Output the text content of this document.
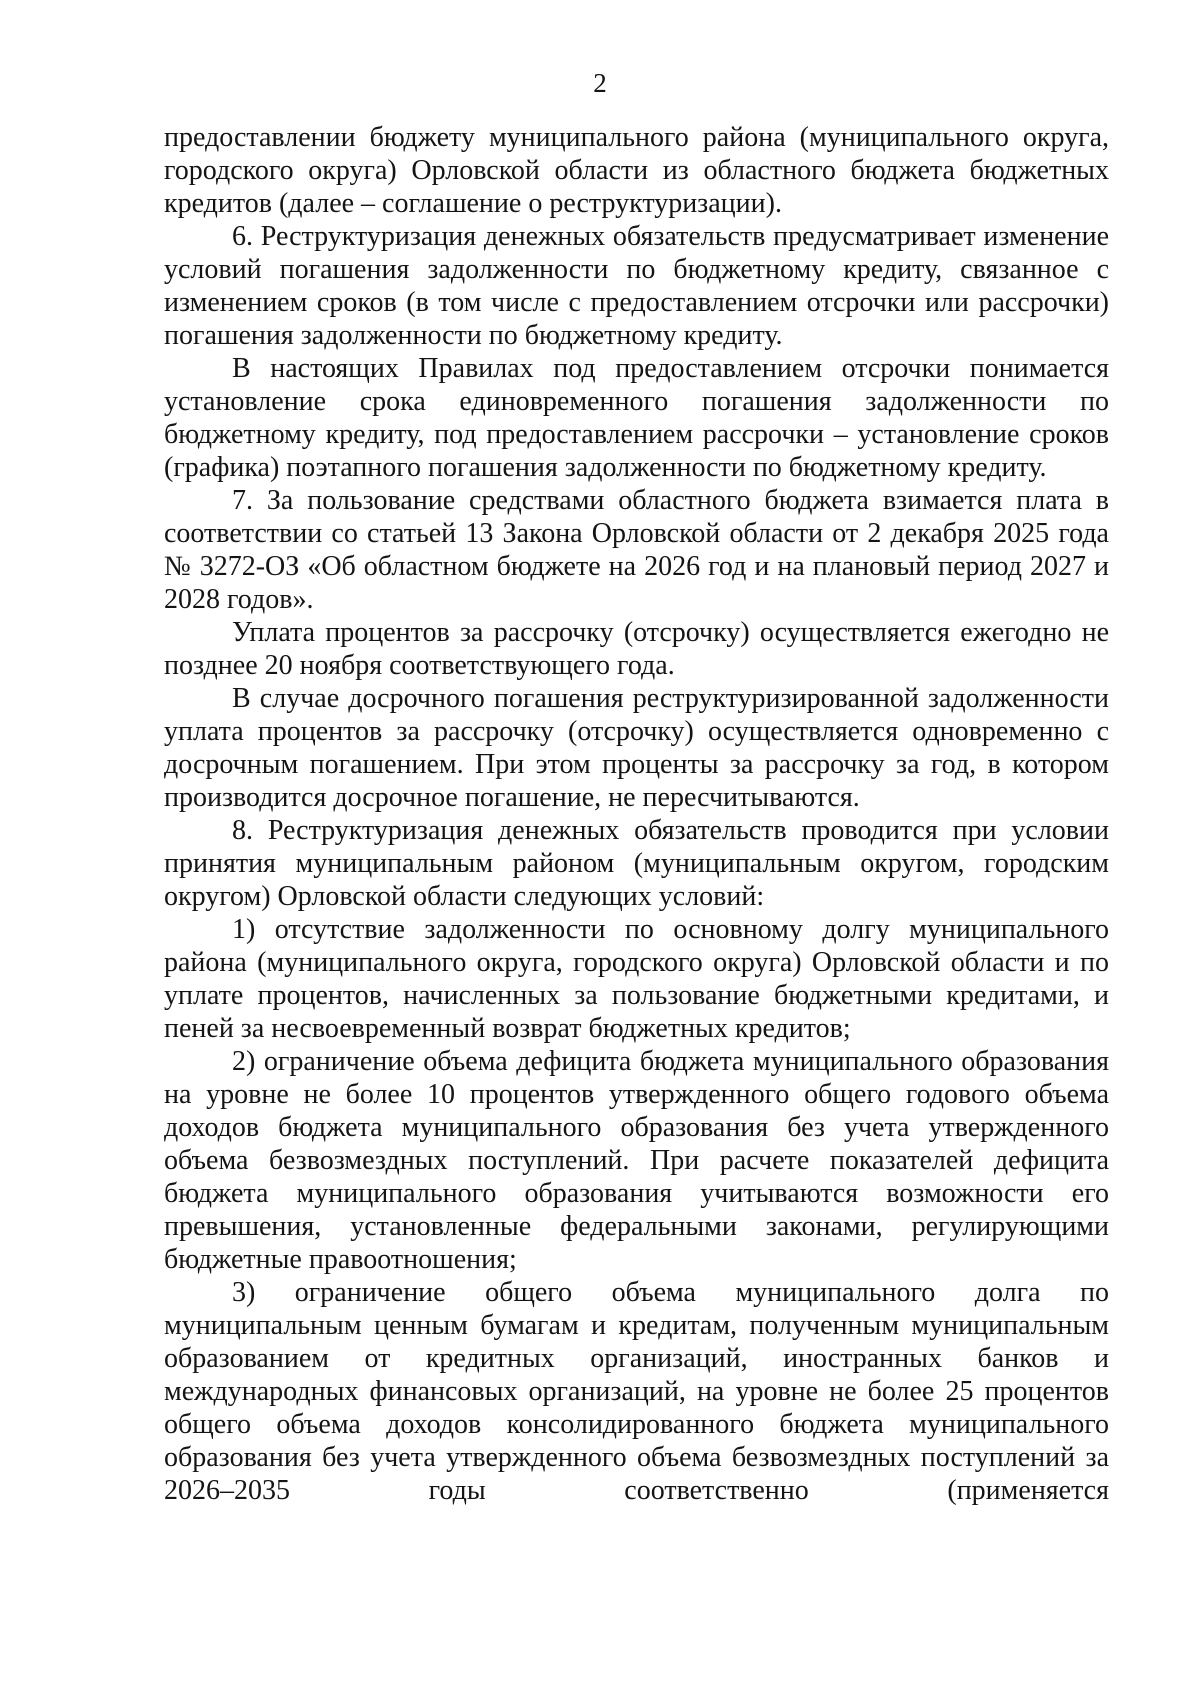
2

предоставлении бюджету муниципального района (муниципального округа, городского округа) Орловской области из областного бюджета бюджетных кредитов (далее – соглашение о реструктуризации).

6. Реструктуризация денежных обязательств предусматривает изменение условий погашения задолженности по бюджетному кредиту, связанное с изменением сроков (в том числе с предоставлением отсрочки или рассрочки) погашения задолженности по бюджетному кредиту.

В настоящих Правилах под предоставлением отсрочки понимается установление срока единовременного погашения задолженности по бюджетному кредиту, под предоставлением рассрочки – установление сроков (графика) поэтапного погашения задолженности по бюджетному кредиту.

7. За пользование средствами областного бюджета взимается плата в соответствии со статьей 13 Закона Орловской области от 2 декабря 2025 года № 3272-ОЗ «Об областном бюджете на 2026 год и на плановый период 2027 и 2028 годов».

Уплата процентов за рассрочку (отсрочку) осуществляется ежегодно не позднее 20 ноября соответствующего года.

В случае досрочного погашения реструктуризированной задолженности уплата процентов за рассрочку (отсрочку) осуществляется одновременно с досрочным погашением. При этом проценты за рассрочку за год, в котором производится досрочное погашение, не пересчитываются.

8. Реструктуризация денежных обязательств проводится при условии принятия муниципальным районом (муниципальным округом, городским округом) Орловской области следующих условий:

1) отсутствие задолженности по основному долгу муниципального района (муниципального округа, городского округа) Орловской области и по уплате процентов, начисленных за пользование бюджетными кредитами, и пеней за несвоевременный возврат бюджетных кредитов;

2) ограничение объема дефицита бюджета муниципального образования на уровне не более 10 процентов утвержденного общего годового объема доходов бюджета муниципального образования без учета утвержденного объема безвозмездных поступлений. При расчете показателей дефицита бюджета муниципального образования учитываются возможности его превышения, установленные федеральными законами, регулирующими бюджетные правоотношения;

3) ограничение общего объема муниципального долга по муниципальным ценным бумагам и кредитам, полученным муниципальным образованием от кредитных организаций, иностранных банков и международных финансовых организаций, на уровне не более 25 процентов общего объема доходов консолидированного бюджета муниципального образования без учета утвержденного объема безвозмездных поступлений за 2026–2035 годы соответственно (применяется
